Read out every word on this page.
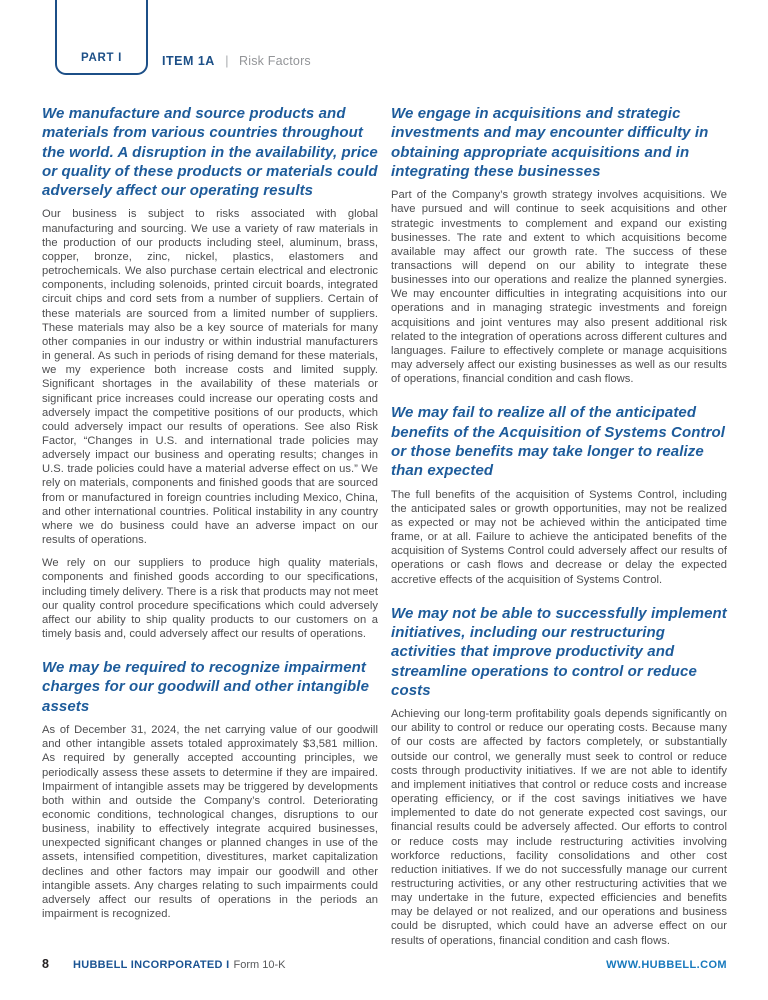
PART I	ITEM 1A | Risk Factors
We manufacture and source products and materials from various countries throughout the world. A disruption in the availability, price or quality of these products or materials could adversely affect our operating results

Our business is subject to risks associated with global manufacturing and sourcing. We use a variety of raw materials in the production of our products including steel, aluminum, brass, copper, bronze, zinc, nickel, plastics, elastomers and petrochemicals. We also purchase certain electrical and electronic components, including solenoids, printed circuit boards, integrated circuit chips and cord sets from a number of suppliers. Certain of these materials are sourced from a limited number of suppliers. These materials may also be a key source of materials for many other companies in our industry or within industrial manufacturers in general. As such in periods of rising demand for these materials, we my experience both increase costs and limited supply. Significant shortages in the availability of these materials or significant price increases could increase our operating costs and adversely impact the competitive positions of our products, which could adversely impact our results of operations. See also Risk Factor, “Changes in U.S. and international trade policies may adversely impact our business and operating results; changes in U.S. trade policies could have a material adverse effect on us.” We rely on materials, components and finished goods that are sourced from or manufactured in foreign countries including Mexico, China, and other international countries. Political instability in any country where we do business could have an adverse impact on our results of operations.

We rely on our suppliers to produce high quality materials, components and finished goods according to our specifications, including timely delivery. There is a risk that products may not meet our quality control procedure specifications which could adversely affect our ability to ship quality products to our customers on a timely basis and, could adversely affect our results of operations.

We may be required to recognize impairment charges for our goodwill and other intangible assets

As of December 31, 2024, the net carrying value of our goodwill and other intangible assets totaled approximately $3,581 million. As required by generally accepted accounting principles, we periodically assess these assets to determine if they are impaired. Impairment of intangible assets may be triggered by developments both within and outside the Company’s control. Deteriorating economic conditions, technological changes, disruptions to our business, inability to effectively integrate acquired businesses, unexpected significant changes or planned changes in use of the assets, intensified competition, divestitures, market capitalization declines and other factors may impair our goodwill and other intangible assets. Any charges relating to such impairments could adversely affect our results of operations in the periods an impairment is recognized.

We engage in acquisitions and strategic investments and may encounter difficulty in obtaining appropriate acquisitions and in integrating these businesses

Part of the Company’s growth strategy involves acquisitions. We have pursued and will continue to seek acquisitions and other strategic investments to complement and expand our existing businesses. The rate and extent to which acquisitions become available may affect our growth rate. The success of these transactions will depend on our ability to integrate these businesses into our operations and realize the planned synergies. We may encounter difficulties in integrating acquisitions into our operations and in managing strategic investments and foreign acquisitions and joint ventures may also present additional risk related to the integration of operations across different cultures and languages. Failure to effectively complete or manage acquisitions may adversely affect our existing businesses as well as our results of operations, financial condition and cash flows.

We may fail to realize all of the anticipated benefits of the Acquisition of Systems Control or those benefits may take longer to realize than expected

The full benefits of the acquisition of Systems Control, including the anticipated sales or growth opportunities, may not be realized as expected or may not be achieved within the anticipated time frame, or at all. Failure to achieve the anticipated benefits of the acquisition of Systems Control could adversely affect our results of operations or cash flows and decrease or delay the expected accretive effects of the acquisition of Systems Control.

We may not be able to successfully implement initiatives, including our restructuring activities that improve productivity and streamline operations to control or reduce costs

Achieving our long-term profitability goals depends significantly on our ability to control or reduce our operating costs. Because many of our costs are affected by factors completely, or substantially outside our control, we generally must seek to control or reduce costs through productivity initiatives. If we are not able to identify and implement initiatives that control or reduce costs and increase operating efficiency, or if the cost savings initiatives we have implemented to date do not generate expected cost savings, our financial results could be adversely affected. Our efforts to control or reduce costs may include restructuring activities involving workforce reductions, facility consolidations and other cost reduction initiatives. If we do not successfully manage our current restructuring activities, or any other restructuring activities that we may undertake in the future, expected efficiencies and benefits may be delayed or not realized, and our operations and business could be disrupted, which could have an adverse effect on our results of operations, financial condition and cash flows.

8 HUBBELL INCORPORATED I Form 10-K	WWW.HUBBELL.COM
